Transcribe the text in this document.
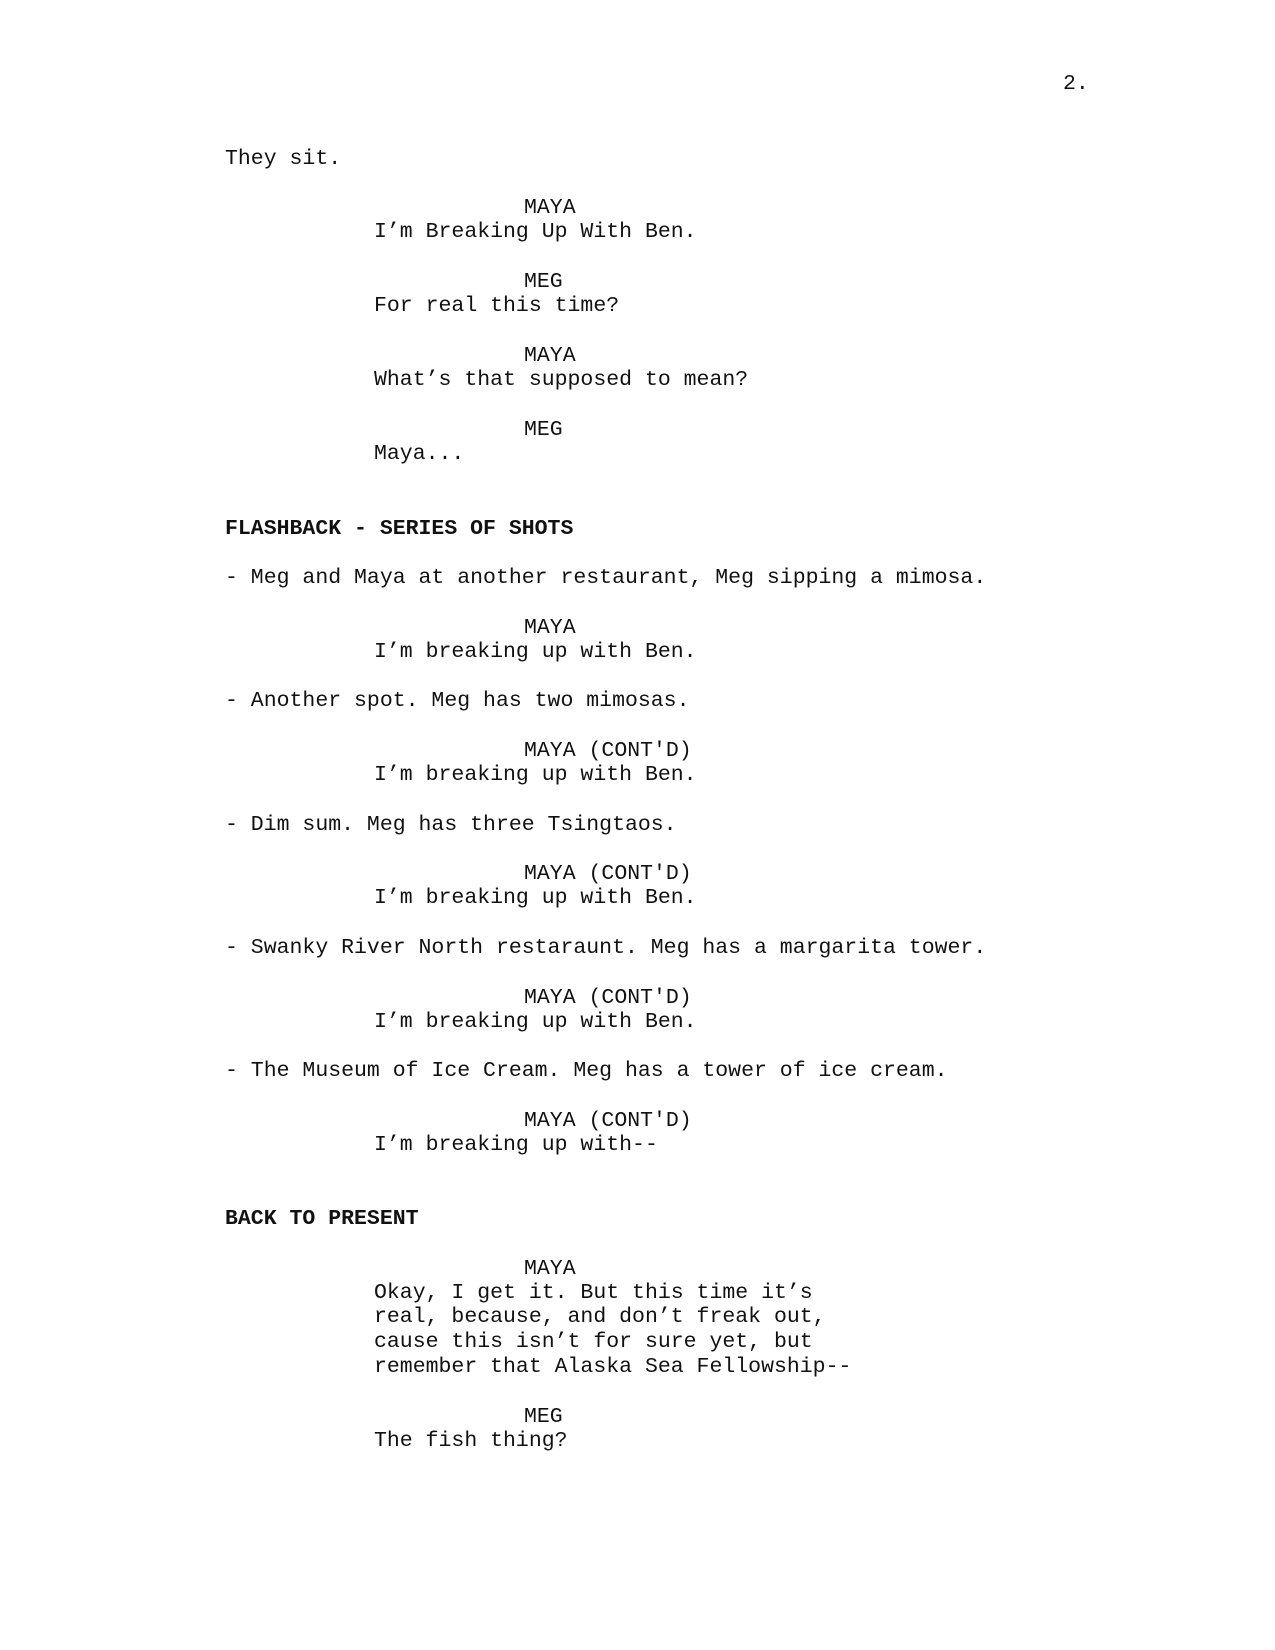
2.
They sit.
MAYA
I’m Breaking Up With Ben.
MEG
For real this time?
MAYA
What’s that supposed to mean?
MEG
Maya...
FLASHBACK - SERIES OF SHOTS
- Meg and Maya at another restaurant, Meg sipping a mimosa.
MAYA
I’m breaking up with Ben.
- Another spot. Meg has two mimosas.
MAYA (CONT'D)
I’m breaking up with Ben.
- Dim sum. Meg has three Tsingtaos.
MAYA (CONT'D)
I’m breaking up with Ben.
- Swanky River North restaraunt. Meg has a margarita tower.
MAYA (CONT'D)
I’m breaking up with Ben.
- The Museum of Ice Cream. Meg has a tower of ice cream.
MAYA (CONT'D)
I’m breaking up with--
BACK TO PRESENT
MAYA
Okay, I get it. But this time it’s
real, because, and don’t freak out,
cause this isn’t for sure yet, but
remember that Alaska Sea Fellowship--
MEG
The fish thing?
